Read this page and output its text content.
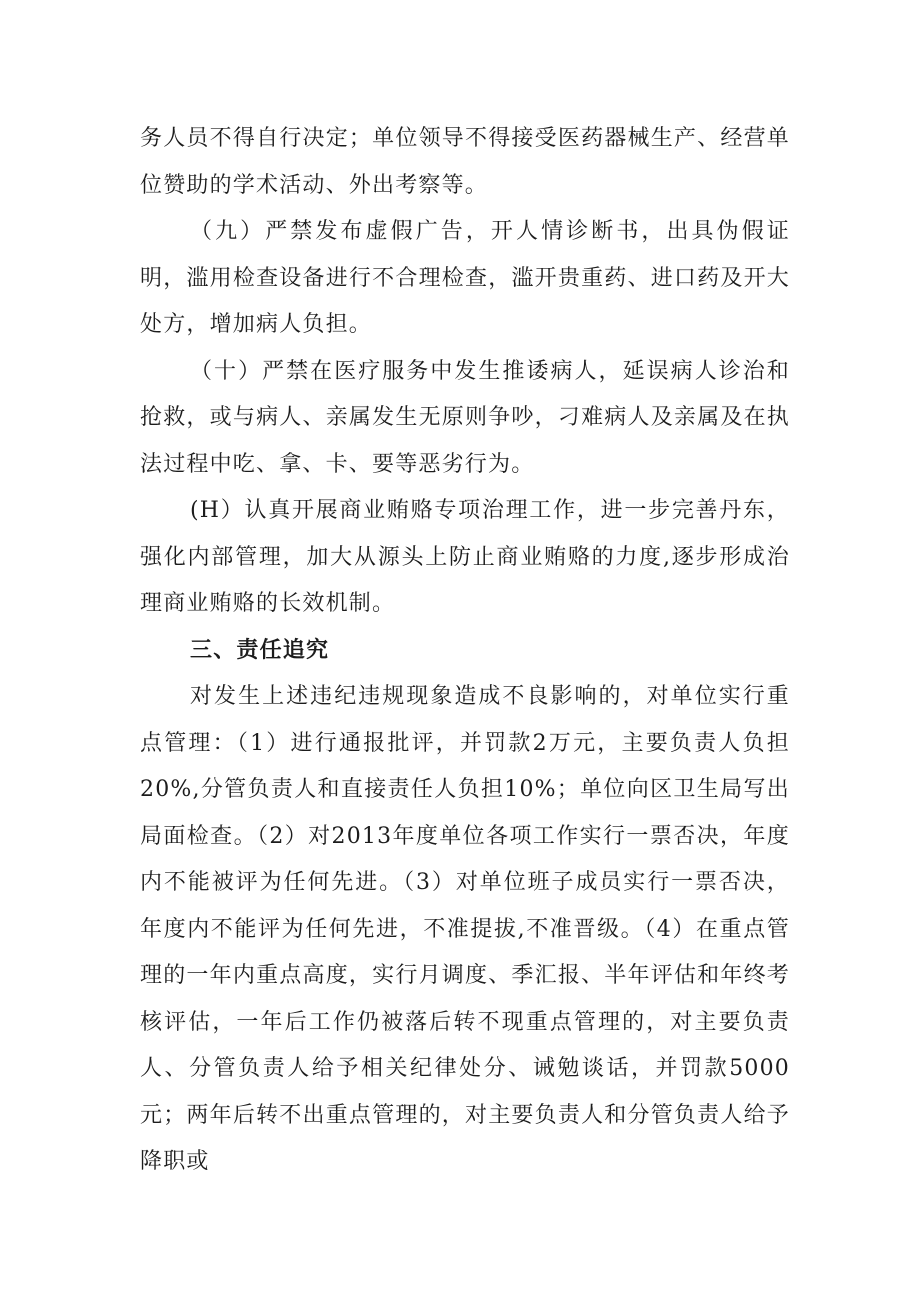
务人员不得自行决定；单位领导不得接受医药器械生产、经营单位赞助的学术活动、外出考察等。

（九）严禁发布虚假广告，开人情诊断书，出具伪假证明，滥用检查设备进行不合理检查，滥开贵重药、进口药及开大处方，增加病人负担。

（十）严禁在医疗服务中发生推诿病人，延误病人诊治和抢救，或与病人、亲属发生无原则争吵，刁难病人及亲属及在执法过程中吃、拿、卡、要等恶劣行为。

(H）认真开展商业贿赂专项治理工作，进一步完善丹东，强化内部管理，加大从源头上防止商业贿赂的力度,逐步形成治理商业贿赂的长效机制。

三、责任追究

对发生上述违纪违规现象造成不良影响的，对单位实行重点管理：（1）进行通报批评，并罚款2万元，主要负责人负担20%,分管负责人和直接责任人负担10%；单位向区卫生局写出局面检查。（2）对2013年度单位各项工作实行一票否决，年度内不能被评为任何先进。（3）对单位班子成员实行一票否决，年度内不能评为任何先进，不准提拔,不准晋级。（4）在重点管理的一年内重点高度，实行月调度、季汇报、半年评估和年终考核评估，一年后工作仍被落后转不现重点管理的，对主要负责人、分管负责人给予相关纪律处分、诫勉谈话，并罚款5000元；两年后转不出重点管理的，对主要负责人和分管负责人给予降职或
